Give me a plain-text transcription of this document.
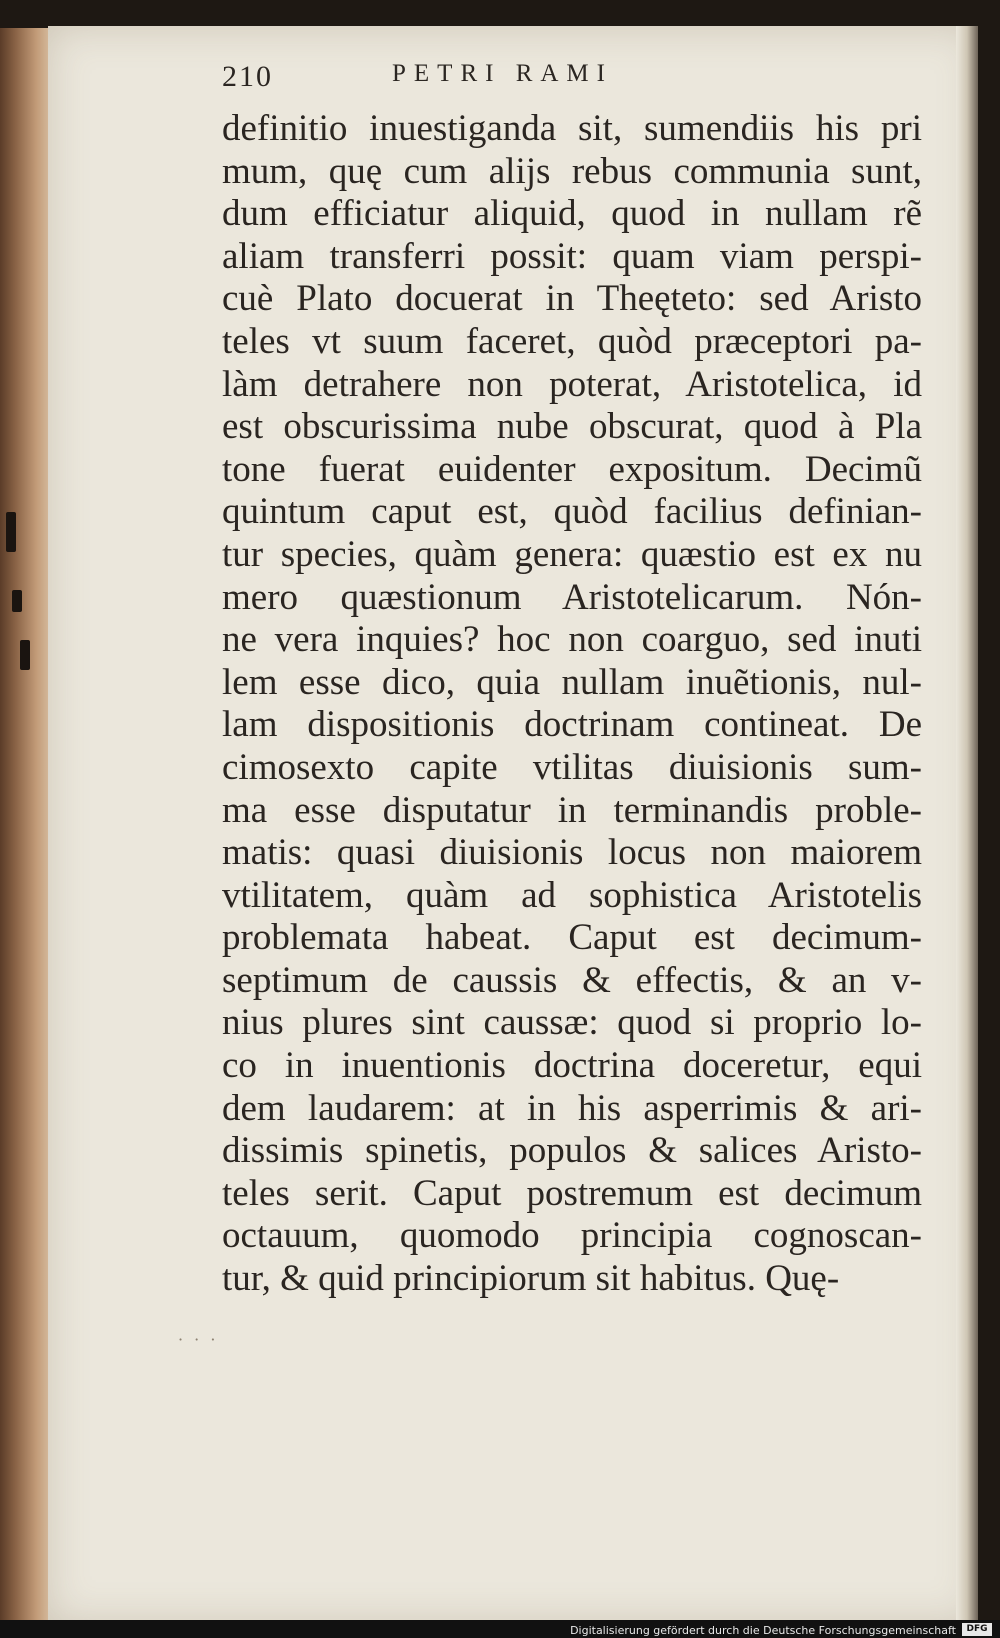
210	PETRI RAMI
definitio inuestiganda sit, sumendiis his pri
mum, quę cum alijs rebus communia sunt,
dum efficiatur aliquid, quod in nullam rẽ
aliam transferri possit: quam viam perspi-
cuè Plato docuerat in Theęteto: sed Aristo
teles vt suum faceret, quòd præceptori pa-
làm detrahere non poterat, Aristotelica, id
est obscurissima nube obscurat, quod à Pla
tone fuerat euidenter expositum. Decimũ
quintum caput est, quòd facilius definian-
tur species, quàm genera: quæstio est ex nu
mero quæstionum Aristotelicarum. Nón-
ne vera inquies? hoc non coarguo, sed inuti
lem esse dico, quia nullam inuẽtionis, nul-
lam dispositionis doctrinam contineat. De
cimosexto capite vtilitas diuisionis sum-
ma esse disputatur in terminandis proble-
matis: quasi diuisionis locus non maiorem
vtilitatem, quàm ad sophistica Aristotelis
problemata habeat. Caput est decimum-
septimum de caussis & effectis, & an v-
nius plures sint caussæ: quod si proprio lo-
co in inuentionis doctrina doceretur, equi
dem laudarem: at in his asperrimis & ari-
dissimis spinetis, populos & salices Aristo-
teles serit. Caput postremum est decimum
octauum, quomodo principia cognoscan-
tur, & quid principiorum sit habitus. Quę-
· · ·
Digitalisierung gefördert durch die Deutsche Forschungsgemeinschaft	DFG
